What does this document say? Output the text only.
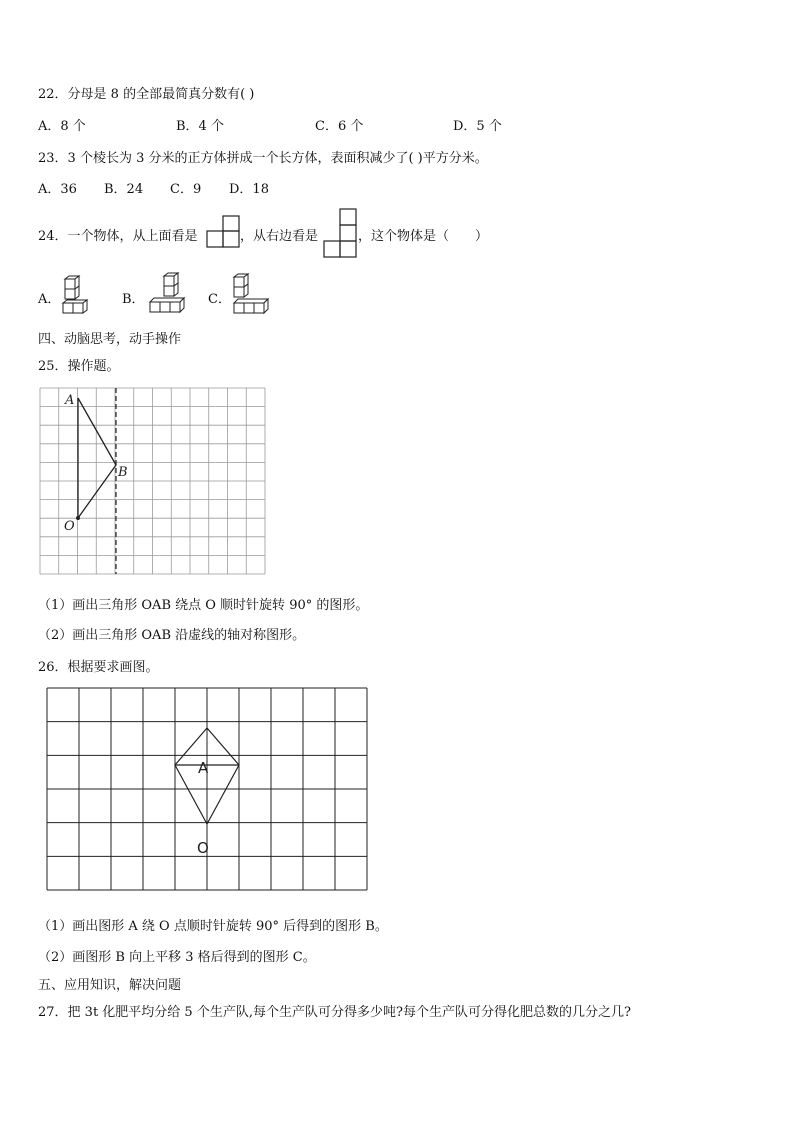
22．分母是 8 的全部最简真分数有( )
A．8 个	B．4 个	C．6 个	D．5 个
23．3 个棱长为 3 分米的正方体拼成一个长方体，表面积减少了( )平方分米。
A．36 B．24 C．9 D．18
24．一个物体，从上面看是	，从右边看是	，这个物体是（　　）
A．	B．	C．
四、动脑思考，动手操作
25．操作题。
A
B
O
（1）画出三角形 OAB 绕点 O 顺时针旋转 90° 的图形。
（2）画出三角形 OAB 沿虚线的轴对称图形。
26．根据要求画图。
A
O
（1）画出图形 A 绕 O 点顺时针旋转 90° 后得到的图形 B。
（2）画图形 B 向上平移 3 格后得到的图形 C。
五、应用知识，解决问题
27．把 3t 化肥平均分给 5 个生产队,每个生产队可分得多少吨?每个生产队可分得化肥总数的几分之几?
